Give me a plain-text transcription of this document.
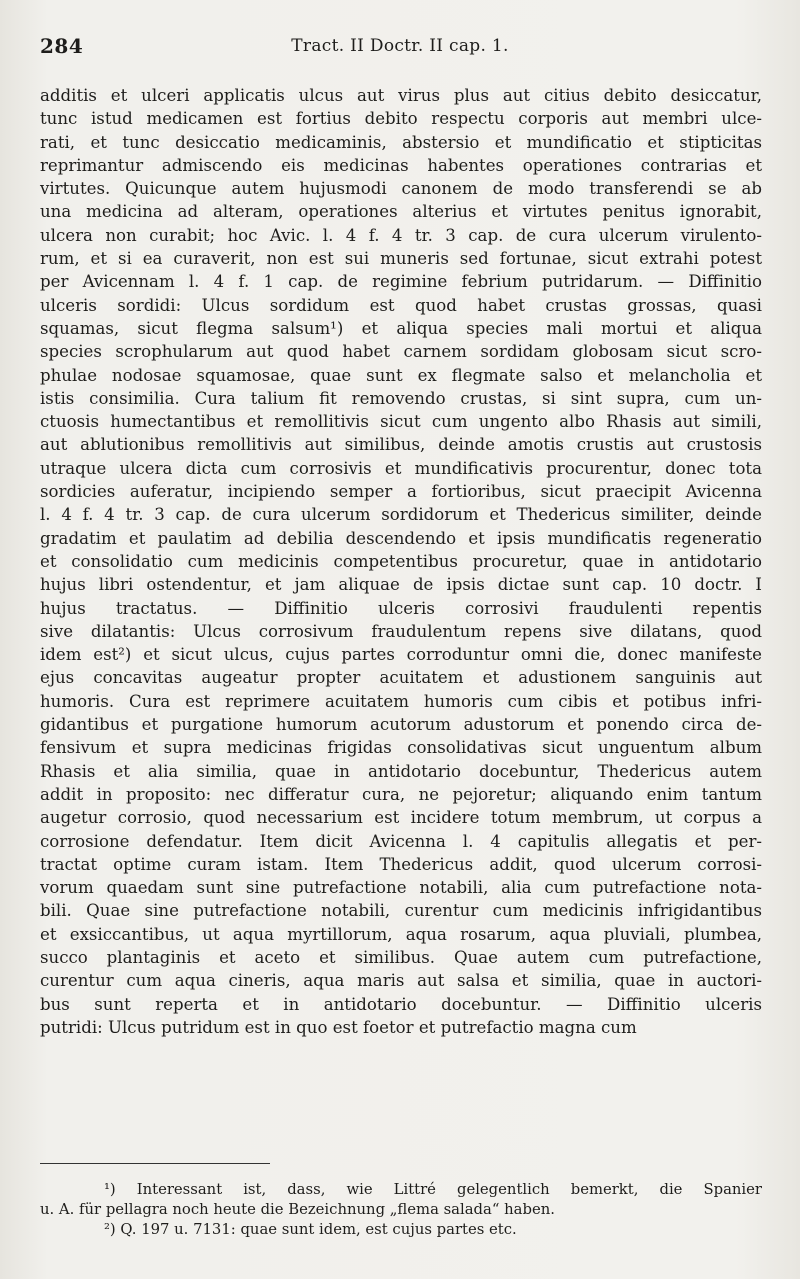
284	Tract. II Doctr. II cap. 1.
additis et ulceri applicatis ulcus aut virus plus aut citius debito desiccatur,
tunc istud medicamen est fortius debito respectu corporis aut membri ulce-
rati, et tunc desiccatio medicaminis, abstersio et mundificatio et stipticitas
reprimantur admiscendo eis medicinas habentes operationes contrarias et
virtutes. Quicunque autem hujusmodi canonem de modo transferendi se ab
una medicina ad alteram, operationes alterius et virtutes penitus ignorabit,
ulcera non curabit; hoc Avic. l. 4 f. 4 tr. 3 cap. de cura ulcerum virulento-
rum, et si ea curaverit, non est sui muneris sed fortunae, sicut extrahi potest
per Avicennam l. 4 f. 1 cap. de regimine febrium putridarum. — Diffinitio
ulceris sordidi: Ulcus sordidum est quod habet crustas grossas, quasi
squamas, sicut flegma salsum¹) et aliqua species mali mortui et aliqua
species scrophularum aut quod habet carnem sordidam globosam sicut scro-
phulae nodosae squamosae, quae sunt ex flegmate salso et melancholia et
istis consimilia. Cura talium fit removendo crustas, si sint supra, cum un-
ctuosis humectantibus et remollitivis sicut cum ungento albo Rhasis aut simili,
aut ablutionibus remollitivis aut similibus, deinde amotis crustis aut crustosis
utraque ulcera dicta cum corrosivis et mundificativis procurentur, donec tota
sordicies auferatur, incipiendo semper a fortioribus, sicut praecipit Avicenna
l. 4 f. 4 tr. 3 cap. de cura ulcerum sordidorum et Thedericus similiter, deinde
gradatim et paulatim ad debilia descendendo et ipsis mundificatis regeneratio
et consolidatio cum medicinis competentibus procuretur, quae in antidotario
hujus libri ostendentur, et jam aliquae de ipsis dictae sunt cap. 10 doctr. I
hujus tractatus. — Diffinitio ulceris corrosivi fraudulenti repentis
sive dilatantis: Ulcus corrosivum fraudulentum repens sive dilatans, quod
idem est²) et sicut ulcus, cujus partes corroduntur omni die, donec manifeste
ejus concavitas augeatur propter acuitatem et adustionem sanguinis aut
humoris. Cura est reprimere acuitatem humoris cum cibis et potibus infri-
gidantibus et purgatione humorum acutorum adustorum et ponendo circa de-
fensivum et supra medicinas frigidas consolidativas sicut unguentum album
Rhasis et alia similia, quae in antidotario docebuntur, Thedericus autem
addit in proposito: nec differatur cura, ne pejoretur; aliquando enim tantum
augetur corrosio, quod necessarium est incidere totum membrum, ut corpus a
corrosione defendatur. Item dicit Avicenna l. 4 capitulis allegatis et per-
tractat optime curam istam. Item Thedericus addit, quod ulcerum corrosi-
vorum quaedam sunt sine putrefactione notabili, alia cum putrefactione nota-
bili. Quae sine putrefactione notabili, curentur cum medicinis infrigidantibus
et exsiccantibus, ut aqua myrtillorum, aqua rosarum, aqua pluviali, plumbea,
succo plantaginis et aceto et similibus. Quae autem cum putrefactione,
curentur cum aqua cineris, aqua maris aut salsa et similia, quae in auctori-
bus sunt reperta et in antidotario docebuntur. — Diffinitio ulceris
putridi: Ulcus putridum est in quo est foetor et putrefactio magna cum
¹) Interessant ist, dass, wie Littré gelegentlich bemerkt, die Spanier
u. A. für pellagra noch heute die Bezeichnung „flema salada“ haben.
²) Q. 197 u. 7131: quae sunt idem, est cujus partes etc.
